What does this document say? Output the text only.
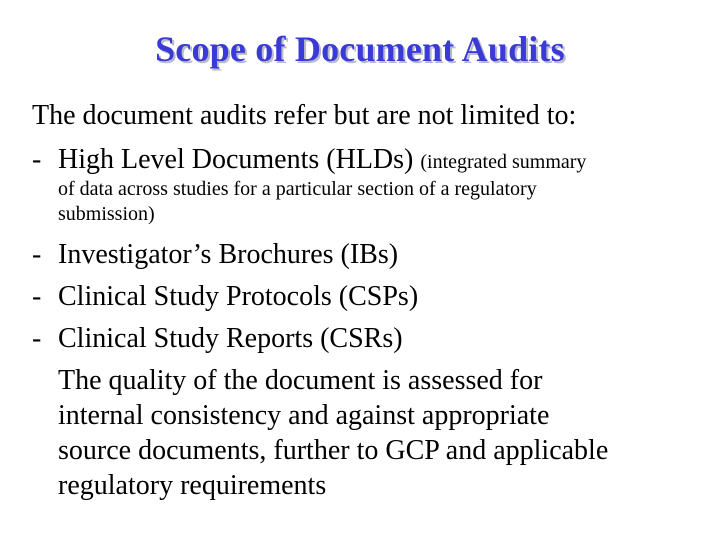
Scope of Document Audits
The document audits refer but are not limited to:
- High Level Documents (HLDs) (integrated summary
of data across studies for a particular section of a regulatory
submission)
- Investigator’s Brochures (IBs)
- Clinical Study Protocols (CSPs)
- Clinical Study Reports (CSRs)
The quality of the document is assessed for
internal consistency and against appropriate
source documents, further to GCP and applicable
regulatory requirements
